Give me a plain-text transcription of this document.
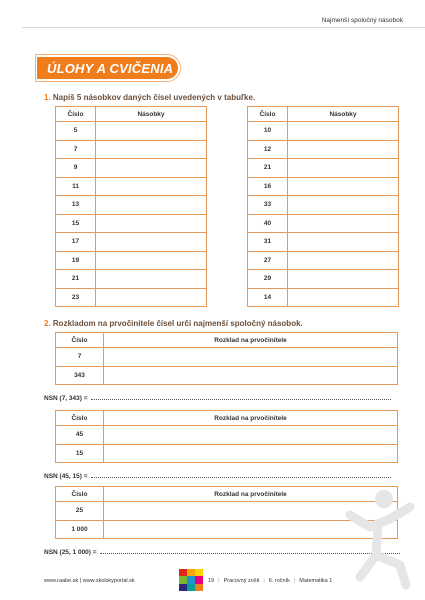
Najmenší spoločný násobok
ÚLOHY A CVIČENIA
1. Napíš 5 násobkov daných čísel uvedených v tabuľke.
Číslo	Násobky
5	
7	
9	
11	
13	
15	
17	
19	
21	
23	
Číslo	Násobky
10	
12	
21	
16	
33	
40	
31	
27	
29	
14	
2. Rozkladom na prvočinitele čísel urči najmenší spoločný násobok.
Číslo	Rozklad na prvočinitele
7	
343	
NSN (7, 343) =
Číslo	Rozklad na prvočinitele
45	
15	
NSN (45, 15) =
Číslo	Rozklad na prvočinitele
25	
1 000	
NSN (25, 1 000) =
www.raabe.sk | www.skolskyportal.sk	19 | Pracovný zošit | 6. ročník | Matematika 1
